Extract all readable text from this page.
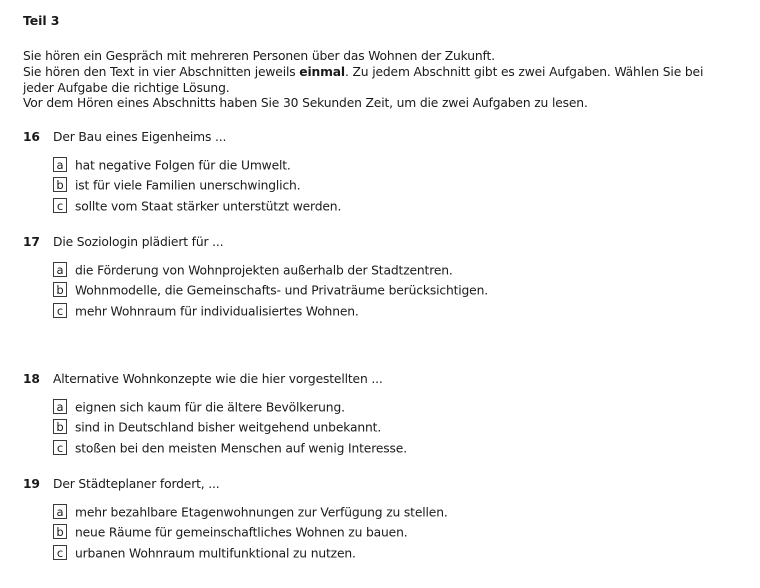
Teil 3

Sie hören ein Gespräch mit mehreren Personen über das Wohnen der Zukunft.

Sie hören den Text in vier Abschnitten jeweils einmal. Zu jedem Abschnitt gibt es zwei Aufgaben. Wählen Sie bei jeder Aufgabe die richtige Lösung.

Vor dem Hören eines Abschnitts haben Sie 30 Sekunden Zeit, um die zwei Aufgaben zu lesen.

16 Der Bau eines Eigenheims ...
a hat negative Folgen für die Umwelt.
b ist für viele Familien unerschwinglich.
c sollte vom Staat stärker unterstützt werden.
17 Die Soziologin plädiert für ...
a die Förderung von Wohnprojekten außerhalb der Stadtzentren.
b Wohnmodelle, die Gemeinschafts- und Privaträume berücksichtigen.
c mehr Wohnraum für individualisiertes Wohnen.
18 Alternative Wohnkonzepte wie die hier vorgestellten ...
a eignen sich kaum für die ältere Bevölkerung.
b sind in Deutschland bisher weitgehend unbekannt.
c stoßen bei den meisten Menschen auf wenig Interesse.
19 Der Städteplaner fordert, ...
a mehr bezahlbare Etagenwohnungen zur Verfügung zu stellen.
b neue Räume für gemeinschaftliches Wohnen zu bauen.
c urbanen Wohnraum multifunktional zu nutzen.
